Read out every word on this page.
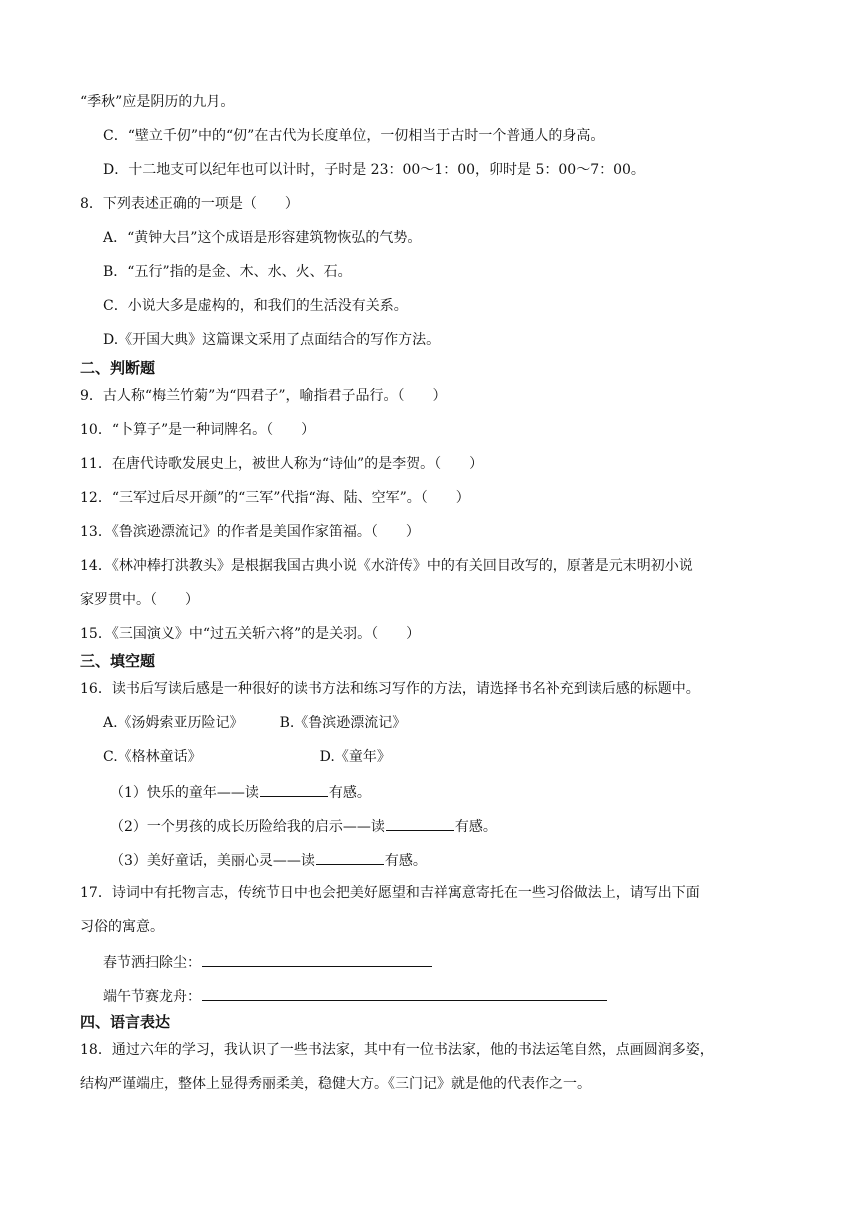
“季秋”应是阴历的九月。
C．“壁立千仞”中的“仞”在古代为长度单位，一仞相当于古时一个普通人的身高。
D．十二地支可以纪年也可以计时，子时是 23：00～1：00，卯时是 5：00～7：00。
8．下列表述正确的一项是（　　）
A．“黄钟大吕”这个成语是形容建筑物恢弘的气势。
B．“五行”指的是金、木、水、火、石。
C．小说大多是虚构的，和我们的生活没有关系。
D.《开国大典》这篇课文采用了点面结合的写作方法。
二、判断题
9．古人称“梅兰竹菊”为“四君子”，喻指君子品行。（　　）
10．“卜算子”是一种词牌名。（　　）
11．在唐代诗歌发展史上，被世人称为“诗仙”的是李贺。（　　）
12．“三军过后尽开颜”的“三军”代指“海、陆、空军”。（　　）
13．《鲁滨逊漂流记》的作者是美国作家笛福。（　　）
14．《林冲棒打洪教头》是根据我国古典小说《水浒传》中的有关回目改写的，原著是元末明初小说
家罗贯中。（　　）
15．《三国演义》中“过五关斩六将”的是关羽。（　　）
三、填空题
16．读书后写读后感是一种很好的读书方法和练习写作的方法，请选择书名补充到读后感的标题中。
A.《汤姆索亚历险记》	B.《鲁滨逊漂流记》
C.《格林童话》	D.《童年》
（1）快乐的童年——读	有感。
（2）一个男孩的成长历险给我的启示——读	有感。
（3）美好童话，美丽心灵——读	有感。
17．诗词中有托物言志，传统节日中也会把美好愿望和吉祥寓意寄托在一些习俗做法上，请写出下面
习俗的寓意。
春节洒扫除尘：
端午节赛龙舟：
四、语言表达
18．通过六年的学习，我认识了一些书法家，其中有一位书法家，他的书法运笔自然，点画圆润多姿，
结构严谨端庄，整体上显得秀丽柔美，稳健大方。《三门记》就是他的代表作之一。
